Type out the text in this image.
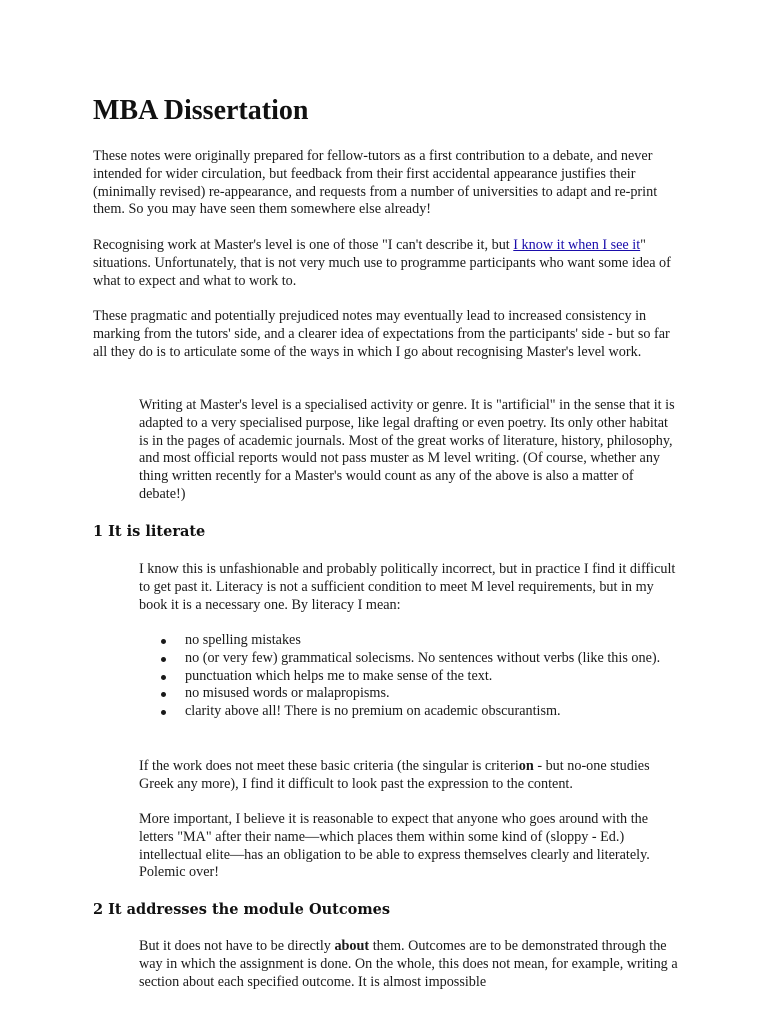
MBA Dissertation

These notes were originally prepared for fellow-tutors as a first contribution to a debate, and never intended for wider circulation, but feedback from their first accidental appearance justifies their (minimally revised) re-appearance, and requests from a number of universities to adapt and re-print them. So you may have seen them somewhere else already!

Recognising work at Master's level is one of those "I can't describe it, but I know it when I see it" situations. Unfortunately, that is not very much use to programme participants who want some idea of what to expect and what to work to.

These pragmatic and potentially prejudiced notes may eventually lead to increased consistency in marking from the tutors' side, and a clearer idea of expectations from the participants' side - but so far all they do is to articulate some of the ways in which I go about recognising Master's level work.

Writing at Master's level is a specialised activity or genre. It is "artificial" in the sense that it is adapted to a very specialised purpose, like legal drafting or even poetry. Its only other habitat is in the pages of academic journals. Most of the great works of literature, history, philosophy, and most official reports would not pass muster as M level writing. (Of course, whether any thing written recently for a Master's would count as any of the above is also a matter of debate!)

1 It is literate

I know this is unfashionable and probably politically incorrect, but in practice I find it difficult to get past it. Literacy is not a sufficient condition to meet M level requirements, but in my book it is a necessary one. By literacy I mean:

no spelling mistakes
no (or very few) grammatical solecisms. No sentences without verbs (like this one).
punctuation which helps me to make sense of the text.
no misused words or malapropisms.
clarity above all! There is no premium on academic obscurantism.

If the work does not meet these basic criteria (the singular is criterion - but no-one studies Greek any more), I find it difficult to look past the expression to the content.

More important, I believe it is reasonable to expect that anyone who goes around with the letters "MA" after their name—which places them within some kind of (sloppy - Ed.) intellectual elite—has an obligation to be able to express themselves clearly and literately. Polemic over!

2 It addresses the module Outcomes

But it does not have to be directly about them. Outcomes are to be demonstrated through the way in which the assignment is done. On the whole, this does not mean, for example, writing a section about each specified outcome. It is almost impossible
